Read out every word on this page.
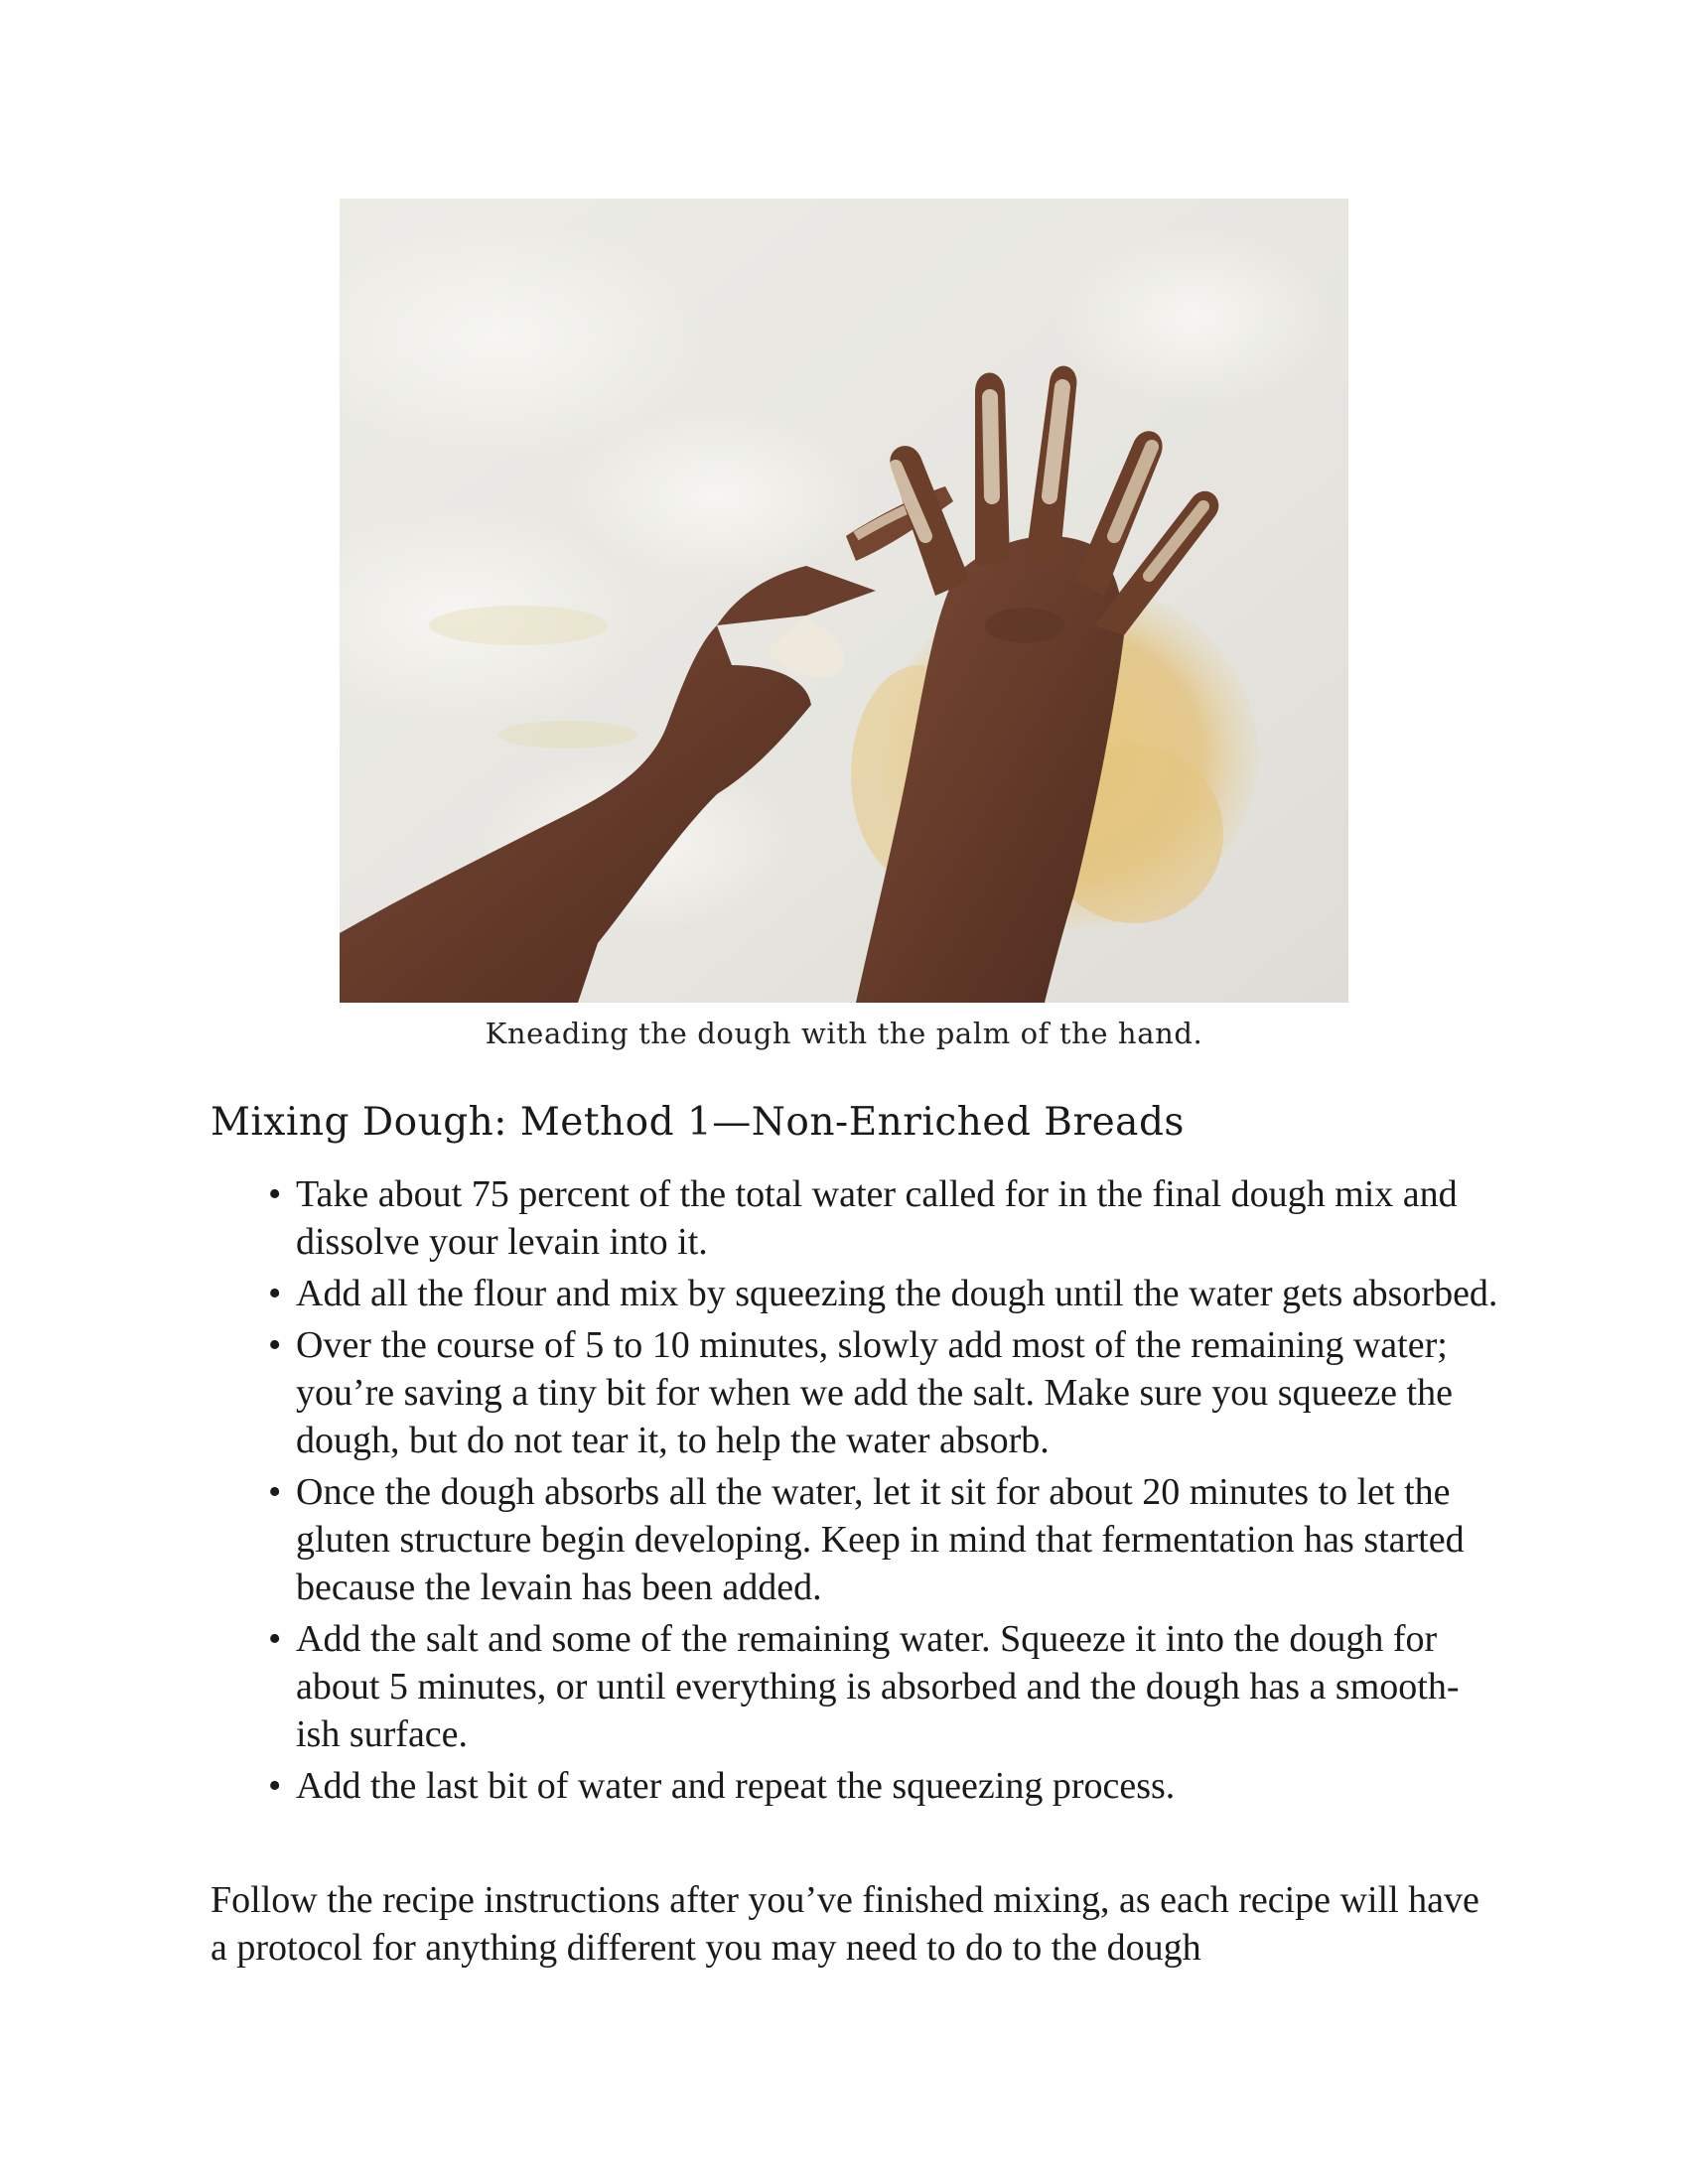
Kneading the dough with the palm of the hand.
Mixing Dough: Method 1—Non-Enriched Breads
• Take about 75 percent of the total water called for in the final dough mix and dissolve your levain into it.
• Add all the flour and mix by squeezing the dough until the water gets absorbed.
• Over the course of 5 to 10 minutes, slowly add most of the remaining water; you’re saving a tiny bit for when we add the salt. Make sure you squeeze the dough, but do not tear it, to help the water absorb.
• Once the dough absorbs all the water, let it sit for about 20 minutes to let the gluten structure begin developing. Keep in mind that fermentation has started because the levain has been added.
• Add the salt and some of the remaining water. Squeeze it into the dough for about 5 minutes, or until everything is absorbed and the dough has a smooth-ish surface.
• Add the last bit of water and repeat the squeezing process.

Follow the recipe instructions after you’ve finished mixing, as each recipe will have a protocol for anything different you may need to do to the dough
